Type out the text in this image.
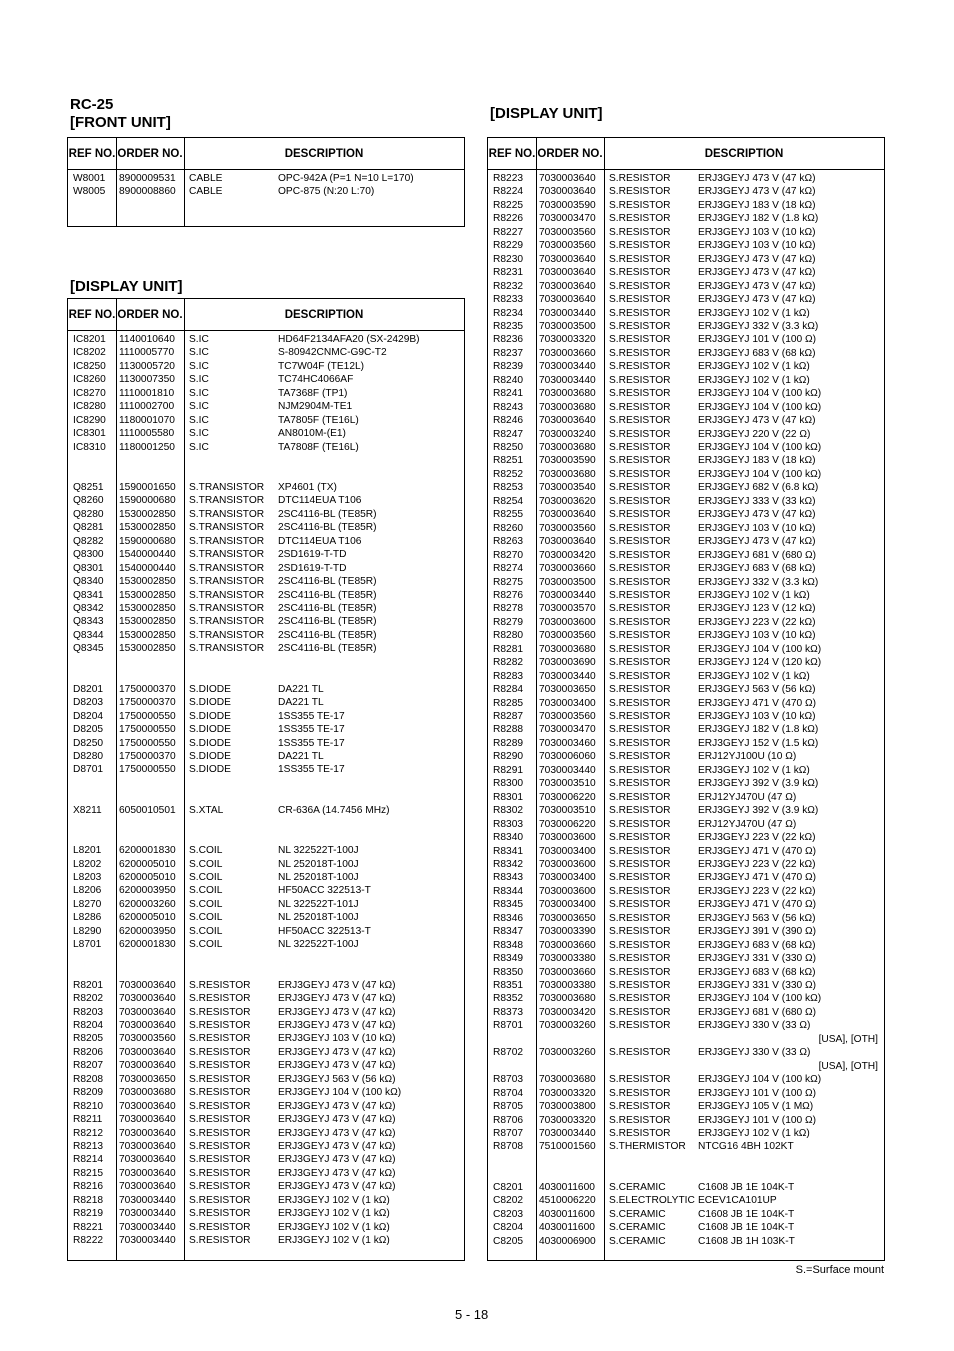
RC-25
[FRONT UNIT]
REF NO. ORDER NO.	DESCRIPTION
W8001 8900009531 CABLE	OPC-942A (P=1 N=10 L=170)
W8005 8900008860 CABLE	OPC-875 (N:20 L:70)
[DISPLAY UNIT]
REF NO. ORDER NO.	DESCRIPTION
IC8201 1140010640 S.IC	HD64F2134AFA20 (SX-2429B)
IC8202 1110005770 S.IC	S-80942CNMC-G9C-T2
IC8250 1130005720 S.IC	TC7W04F (TE12L)
IC8260 1130007350 S.IC	TC74HC4066AF
IC8270 1110001810 S.IC	TA7368F (TP1)
IC8280 1110002700 S.IC	NJM2904M-TE1
IC8290 1180001070 S.IC	TA7805F (TE16L)
IC8301 1110005580 S.IC	AN8010M-(E1)
IC8310 1180001250 S.IC	TA7808F (TE16L)
Q8251 1590001650 S.TRANSISTOR XP4601 (TX)
Q8260 1590000680 S.TRANSISTOR DTC114EUA T106
Q8280 1530002850 S.TRANSISTOR 2SC4116-BL (TE85R)
Q8281 1530002850 S.TRANSISTOR 2SC4116-BL (TE85R)
Q8282 1590000680 S.TRANSISTOR DTC114EUA T106
Q8300 1540000440 S.TRANSISTOR 2SD1619-T-TD
Q8301 1540000440 S.TRANSISTOR 2SD1619-T-TD
Q8340 1530002850 S.TRANSISTOR 2SC4116-BL (TE85R)
Q8341 1530002850 S.TRANSISTOR 2SC4116-BL (TE85R)
Q8342 1530002850 S.TRANSISTOR 2SC4116-BL (TE85R)
Q8343 1530002850 S.TRANSISTOR 2SC4116-BL (TE85R)
Q8344 1530002850 S.TRANSISTOR 2SC4116-BL (TE85R)
Q8345 1530002850 S.TRANSISTOR 2SC4116-BL (TE85R)
D8201 1750000370 S.DIODE	DA221 TL
D8203 1750000370 S.DIODE	DA221 TL
D8204 1750000550 S.DIODE	1SS355 TE-17
D8205 1750000550 S.DIODE	1SS355 TE-17
D8250 1750000550 S.DIODE	1SS355 TE-17
D8280 1750000370 S.DIODE	DA221 TL
D8701 1750000550 S.DIODE	1SS355 TE-17
X8211 6050010501 S.XTAL	CR-636A (14.7456 MHz)
L8201 6200001830 S.COIL	NL 322522T-100J
L8202 6200005010 S.COIL	NL 252018T-100J
L8203 6200005010 S.COIL	NL 252018T-100J
L8206 6200003950 S.COIL	HF50ACC 322513-T
L8270 6200003260 S.COIL	NL 322522T-101J
L8286 6200005010 S.COIL	NL 252018T-100J
L8290 6200003950 S.COIL	HF50ACC 322513-T
L8701 6200001830 S.COIL	NL 322522T-100J
R8201 7030003640 S.RESISTOR	ERJ3GEYJ 473 V (47 kΩ)
R8202 7030003640 S.RESISTOR	ERJ3GEYJ 473 V (47 kΩ)
R8203 7030003640 S.RESISTOR	ERJ3GEYJ 473 V (47 kΩ)
R8204 7030003640 S.RESISTOR	ERJ3GEYJ 473 V (47 kΩ)
R8205 7030003560 S.RESISTOR	ERJ3GEYJ 103 V (10 kΩ)
R8206 7030003640 S.RESISTOR	ERJ3GEYJ 473 V (47 kΩ)
R8207 7030003640 S.RESISTOR	ERJ3GEYJ 473 V (47 kΩ)
R8208 7030003650 S.RESISTOR	ERJ3GEYJ 563 V (56 kΩ)
R8209 7030003680 S.RESISTOR	ERJ3GEYJ 104 V (100 kΩ)
R8210 7030003640 S.RESISTOR	ERJ3GEYJ 473 V (47 kΩ)
R8211 7030003640 S.RESISTOR	ERJ3GEYJ 473 V (47 kΩ)
R8212 7030003640 S.RESISTOR	ERJ3GEYJ 473 V (47 kΩ)
R8213 7030003640 S.RESISTOR	ERJ3GEYJ 473 V (47 kΩ)
R8214 7030003640 S.RESISTOR	ERJ3GEYJ 473 V (47 kΩ)
R8215 7030003640 S.RESISTOR	ERJ3GEYJ 473 V (47 kΩ)
R8216 7030003640 S.RESISTOR	ERJ3GEYJ 473 V (47 kΩ)
R8218 7030003440 S.RESISTOR	ERJ3GEYJ 102 V (1 kΩ)
R8219 7030003440 S.RESISTOR	ERJ3GEYJ 102 V (1 kΩ)
R8221 7030003440 S.RESISTOR	ERJ3GEYJ 102 V (1 kΩ)
R8222 7030003440 S.RESISTOR	ERJ3GEYJ 102 V (1 kΩ)
[DISPLAY UNIT]
REF NO. ORDER NO.	DESCRIPTION
R8223 7030003640 S.RESISTOR	ERJ3GEYJ 473 V (47 kΩ)
R8224 7030003640 S.RESISTOR	ERJ3GEYJ 473 V (47 kΩ)
R8225 7030003590 S.RESISTOR	ERJ3GEYJ 183 V (18 kΩ)
R8226 7030003470 S.RESISTOR	ERJ3GEYJ 182 V (1.8 kΩ)
R8227 7030003560 S.RESISTOR	ERJ3GEYJ 103 V (10 kΩ)
R8229 7030003560 S.RESISTOR	ERJ3GEYJ 103 V (10 kΩ)
R8230 7030003640 S.RESISTOR	ERJ3GEYJ 473 V (47 kΩ)
R8231 7030003640 S.RESISTOR	ERJ3GEYJ 473 V (47 kΩ)
R8232 7030003640 S.RESISTOR	ERJ3GEYJ 473 V (47 kΩ)
R8233 7030003640 S.RESISTOR	ERJ3GEYJ 473 V (47 kΩ)
R8234 7030003440 S.RESISTOR	ERJ3GEYJ 102 V (1 kΩ)
R8235 7030003500 S.RESISTOR	ERJ3GEYJ 332 V (3.3 kΩ)
R8236 7030003320 S.RESISTOR	ERJ3GEYJ 101 V (100 Ω)
R8237 7030003660 S.RESISTOR	ERJ3GEYJ 683 V (68 kΩ)
R8239 7030003440 S.RESISTOR	ERJ3GEYJ 102 V (1 kΩ)
R8240 7030003440 S.RESISTOR	ERJ3GEYJ 102 V (1 kΩ)
R8241 7030003680 S.RESISTOR	ERJ3GEYJ 104 V (100 kΩ)
R8243 7030003680 S.RESISTOR	ERJ3GEYJ 104 V (100 kΩ)
R8246 7030003640 S.RESISTOR	ERJ3GEYJ 473 V (47 kΩ)
R8247 7030003240 S.RESISTOR	ERJ3GEYJ 220 V (22 Ω)
R8250 7030003680 S.RESISTOR	ERJ3GEYJ 104 V (100 kΩ)
R8251 7030003590 S.RESISTOR	ERJ3GEYJ 183 V (18 kΩ)
R8252 7030003680 S.RESISTOR	ERJ3GEYJ 104 V (100 kΩ)
R8253 7030003540 S.RESISTOR	ERJ3GEYJ 682 V (6.8 kΩ)
R8254 7030003620 S.RESISTOR	ERJ3GEYJ 333 V (33 kΩ)
R8255 7030003640 S.RESISTOR	ERJ3GEYJ 473 V (47 kΩ)
R8260 7030003560 S.RESISTOR	ERJ3GEYJ 103 V (10 kΩ)
R8263 7030003640 S.RESISTOR	ERJ3GEYJ 473 V (47 kΩ)
R8270 7030003420 S.RESISTOR	ERJ3GEYJ 681 V (680 Ω)
R8274 7030003660 S.RESISTOR	ERJ3GEYJ 683 V (68 kΩ)
R8275 7030003500 S.RESISTOR	ERJ3GEYJ 332 V (3.3 kΩ)
R8276 7030003440 S.RESISTOR	ERJ3GEYJ 102 V (1 kΩ)
R8278 7030003570 S.RESISTOR	ERJ3GEYJ 123 V (12 kΩ)
R8279 7030003600 S.RESISTOR	ERJ3GEYJ 223 V (22 kΩ)
R8280 7030003560 S.RESISTOR	ERJ3GEYJ 103 V (10 kΩ)
R8281 7030003680 S.RESISTOR	ERJ3GEYJ 104 V (100 kΩ)
R8282 7030003690 S.RESISTOR	ERJ3GEYJ 124 V (120 kΩ)
R8283 7030003440 S.RESISTOR	ERJ3GEYJ 102 V (1 kΩ)
R8284 7030003650 S.RESISTOR	ERJ3GEYJ 563 V (56 kΩ)
R8285 7030003400 S.RESISTOR	ERJ3GEYJ 471 V (470 Ω)
R8287 7030003560 S.RESISTOR	ERJ3GEYJ 103 V (10 kΩ)
R8288 7030003470 S.RESISTOR	ERJ3GEYJ 182 V (1.8 kΩ)
R8289 7030003460 S.RESISTOR	ERJ3GEYJ 152 V (1.5 kΩ)
R8290 7030006060 S.RESISTOR	ERJ12YJ100U (10 Ω)
R8291 7030003440 S.RESISTOR	ERJ3GEYJ 102 V (1 kΩ)
R8300 7030003510 S.RESISTOR	ERJ3GEYJ 392 V (3.9 kΩ)
R8301 7030006220 S.RESISTOR	ERJ12YJ470U (47 Ω)
R8302 7030003510 S.RESISTOR	ERJ3GEYJ 392 V (3.9 kΩ)
R8303 7030006220 S.RESISTOR	ERJ12YJ470U (47 Ω)
R8340 7030003600 S.RESISTOR	ERJ3GEYJ 223 V (22 kΩ)
R8341 7030003400 S.RESISTOR	ERJ3GEYJ 471 V (470 Ω)
R8342 7030003600 S.RESISTOR	ERJ3GEYJ 223 V (22 kΩ)
R8343 7030003400 S.RESISTOR	ERJ3GEYJ 471 V (470 Ω)
R8344 7030003600 S.RESISTOR	ERJ3GEYJ 223 V (22 kΩ)
R8345 7030003400 S.RESISTOR	ERJ3GEYJ 471 V (470 Ω)
R8346 7030003650 S.RESISTOR	ERJ3GEYJ 563 V (56 kΩ)
R8347 7030003390 S.RESISTOR	ERJ3GEYJ 391 V (390 Ω)
R8348 7030003660 S.RESISTOR	ERJ3GEYJ 683 V (68 kΩ)
R8349 7030003380 S.RESISTOR	ERJ3GEYJ 331 V (330 Ω)
R8350 7030003660 S.RESISTOR	ERJ3GEYJ 683 V (68 kΩ)
R8351 7030003380 S.RESISTOR	ERJ3GEYJ 331 V (330 Ω)
R8352 7030003680 S.RESISTOR	ERJ3GEYJ 104 V (100 kΩ)
R8373 7030003420 S.RESISTOR	ERJ3GEYJ 681 V (680 Ω)
R8701 7030003260 S.RESISTOR	ERJ3GEYJ 330 V (33 Ω)
[USA], [OTH]
R8702 7030003260 S.RESISTOR	ERJ3GEYJ 330 V (33 Ω)
[USA], [OTH]
R8703 7030003680 S.RESISTOR	ERJ3GEYJ 104 V (100 kΩ)
R8704 7030003320 S.RESISTOR	ERJ3GEYJ 101 V (100 Ω)
R8705 7030003800 S.RESISTOR	ERJ3GEYJ 105 V (1 MΩ)
R8706 7030003320 S.RESISTOR	ERJ3GEYJ 101 V (100 Ω)
R8707 7030003440 S.RESISTOR	ERJ3GEYJ 102 V (1 kΩ)
R8708 7510001560 S.THERMISTOR NTCG16 4BH 102KT
C8201 4030011600 S.CERAMIC	C1608 JB 1E 104K-T
C8202 4510006220 S.ELECTROLYTIC ECEV1CA101UP
C8203 4030011600 S.CERAMIC	C1608 JB 1E 104K-T
C8204 4030011600 S.CERAMIC	C1608 JB 1E 104K-T
C8205 4030006900 S.CERAMIC	C1608 JB 1H 103K-T
S.=Surface mount
5 - 18
